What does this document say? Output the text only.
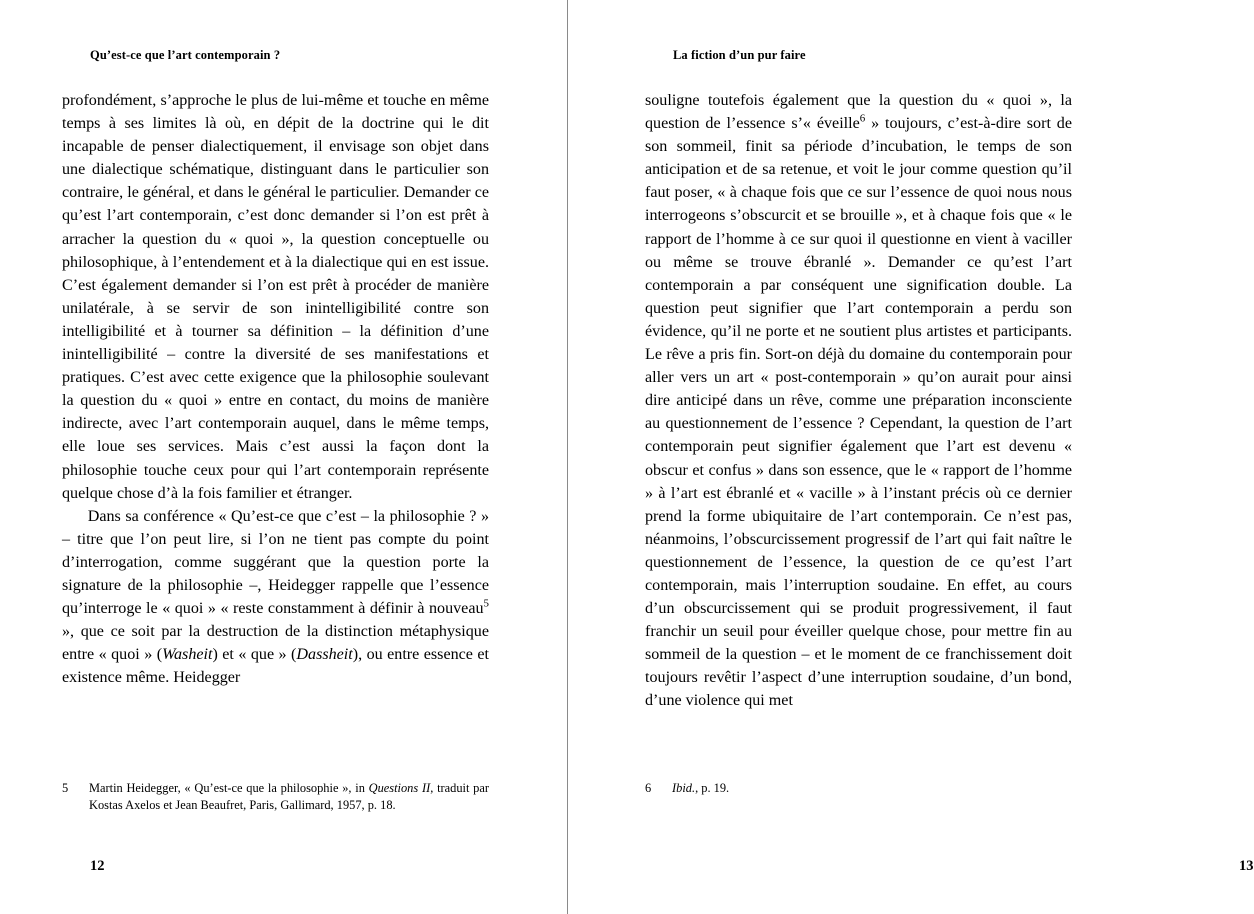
Qu’est-ce que l’art contemporain ?

profondément, s’approche le plus de lui-même et touche en même temps à ses limites là où, en dépit de la doctrine qui le dit incapable de penser dialectiquement, il envisage son objet dans une dialectique schématique, distinguant dans le particulier son contraire, le général, et dans le général le particulier. Demander ce qu’est l’art contemporain, c’est donc demander si l’on est prêt à arracher la question du « quoi », la question conceptuelle ou philosophique, à l’entendement et à la dialectique qui en est issue. C’est également demander si l’on est prêt à procéder de manière unilatérale, à se servir de son inintelligibilité contre son intelligibilité et à tourner sa définition – la définition d’une inintelligibilité – contre la diversité de ses manifestations et pratiques. C’est avec cette exigence que la philosophie soulevant la question du « quoi » entre en contact, du moins de manière indirecte, avec l’art contemporain auquel, dans le même temps, elle loue ses services. Mais c’est aussi la façon dont la philosophie touche ceux pour qui l’art contemporain représente quelque chose d’à la fois familier et étranger.

Dans sa conférence « Qu’est-ce que c’est – la philosophie ? » – titre que l’on peut lire, si l’on ne tient pas compte du point d’interrogation, comme suggérant que la question porte la signature de la philosophie –, Heidegger rappelle que l’essence qu’interroge le « quoi » « reste constamment à définir à nouveau$^5$ », que ce soit par la destruction de la distinction métaphysique entre « quoi » (Washeit) et « que » (Dassheit), ou entre essence et existence même. Heidegger

5	Martin Heidegger, « Qu’est-ce que la philosophie », in Questions II, traduit par Kostas Axelos et Jean Beaufret, Paris, Gallimard, 1957, p. 18.
12
La fiction d’un pur faire

souligne toutefois également que la question du « quoi », la question de l’essence s’« éveille$^6$ » toujours, c’est-à-dire sort de son sommeil, finit sa période d’incubation, le temps de son anticipation et de sa retenue, et voit le jour comme question qu’il faut poser, « à chaque fois que ce sur l’essence de quoi nous nous interrogeons s’obscurcit et se brouille », et à chaque fois que « le rapport de l’homme à ce sur quoi il questionne en vient à vaciller ou même se trouve ébranlé ». Demander ce qu’est l’art contemporain a par conséquent une signification double. La question peut signifier que l’art contemporain a perdu son évidence, qu’il ne porte et ne soutient plus artistes et participants. Le rêve a pris fin. Sort-on déjà du domaine du contemporain pour aller vers un art « post-contemporain » qu’on aurait pour ainsi dire anticipé dans un rêve, comme une préparation inconsciente au questionnement de l’essence ? Cependant, la question de l’art contemporain peut signifier également que l’art est devenu « obscur et confus » dans son essence, que le « rapport de l’homme » à l’art est ébranlé et « vacille » à l’instant précis où ce dernier prend la forme ubiquitaire de l’art contemporain. Ce n’est pas, néanmoins, l’obscurcissement progressif de l’art qui fait naître le questionnement de l’essence, la question de ce qu’est l’art contemporain, mais l’interruption soudaine. En effet, au cours d’un obscurcissement qui se produit progressivement, il faut franchir un seuil pour éveiller quelque chose, pour mettre fin au sommeil de la question – et le moment de ce franchissement doit toujours revêtir l’aspect d’une interruption soudaine, d’un bond, d’une violence qui met

6	Ibid., p. 19.
13
